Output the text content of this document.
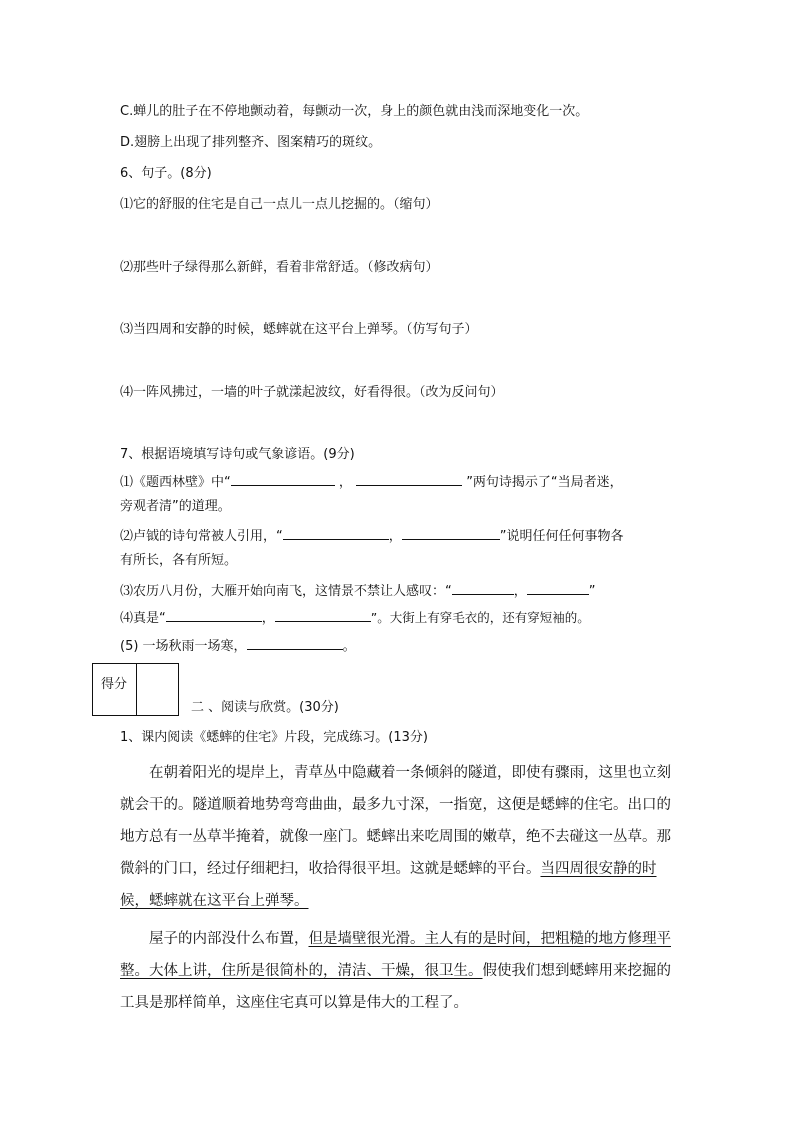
C.蝉儿的肚子在不停地颤动着，每颤动一次，身上的颜色就由浅而深地变化一次。
D.翅膀上出现了排列整齐、图案精巧的斑纹。
6、句子。(8分)
⑴它的舒服的住宅是自己一点儿一点儿挖掘的。（缩句）
⑵那些叶子绿得那么新鲜，看着非常舒适。（修改病句）
⑶当四周和安静的时候，蟋蟀就在这平台上弹琴。（仿写句子）
⑷一阵风拂过，一墙的叶子就漾起波纹，好看得很。（改为反问句）
7、根据语境填写诗句或气象谚语。(9分)
⑴《题西林壁》中“	，	”两句诗揭示了“当局者迷，
旁观者清”的道理。
⑵卢钺的诗句常被人引用，“	，	”说明任何任何事物各
有所长，各有所短。
⑶农历八月份，大雁开始向南飞，这情景不禁让人感叹：“	，	”
⑷真是“	，	”。大街上有穿毛衣的，还有穿短袖的。
(5) 一场秋雨一场寒，	。
得分
二 、阅读与欣赏。(30分)
1、课内阅读《蟋蟀的住宅》片段，完成练习。(13分)

在朝着阳光的堤岸上，青草丛中隐藏着一条倾斜的隧道，即使有骤雨，这里也立刻就会干的。隧道顺着地势弯弯曲曲，最多九寸深，一指宽，这便是蟋蟀的住宅。出口的地方总有一丛草半掩着，就像一座门。蟋蟀出来吃周围的嫩草，绝不去碰这一丛草。那微斜的门口，经过仔细耙扫，收拾得很平坦。这就是蟋蟀的平台。当四周很安静的时候，蟋蟀就在这平台上弹琴。

屋子的内部没什么布置，但是墙壁很光滑。主人有的是时间，把粗糙的地方修理平整。大体上讲，住所是很简朴的，清洁、干燥，很卫生。假使我们想到蟋蟀用来挖掘的工具是那样简单，这座住宅真可以算是伟大的工程了。
